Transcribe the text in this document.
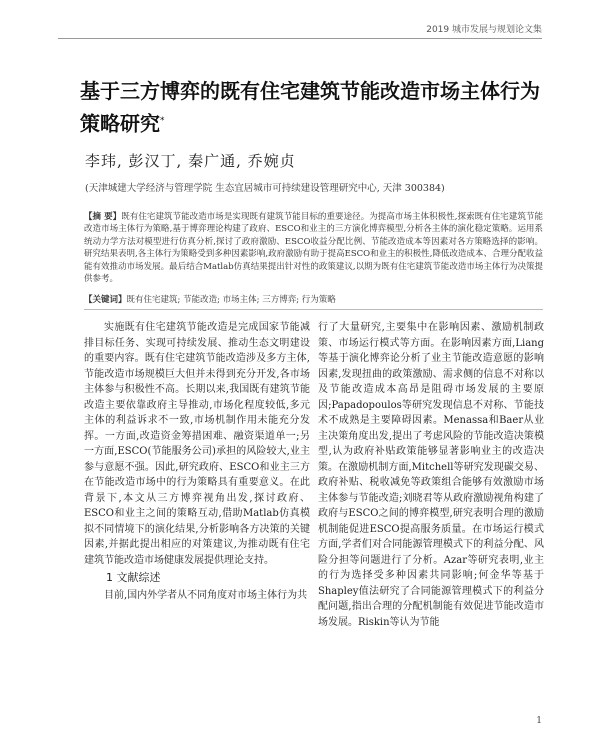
2019 城市发展与规划论文集
基于三方博弈的既有住宅建筑节能改造市场主体行为策略研究*
李玮, 彭汉丁, 秦广通, 乔婉贞
(天津城建大学经济与管理学院 生态宜居城市可持续建设管理研究中心, 天津 300384)
【摘 要】既有住宅建筑节能改造市场是实现既有建筑节能目标的重要途径。为提高市场主体积极性,探索既有住宅建筑节能改造市场主体行为策略,基于博弈理论构建了政府、ESCO和业主的三方演化博弈模型,分析各主体的演化稳定策略。运用系统动力学方法对模型进行仿真分析,探讨了政府激励、ESCO收益分配比例、节能改造成本等因素对各方策略选择的影响。研究结果表明,各主体行为策略受到多种因素影响,政府激励有助于提高ESCO和业主的积极性,降低改造成本、合理分配收益能有效推动市场发展。最后结合Matlab仿真结果提出针对性的政策建议,以期为既有住宅建筑节能改造市场主体行为决策提供参考。
【关键词】既有住宅建筑; 节能改造; 市场主体; 三方博弈; 行为策略

实施既有住宅建筑节能改造是完成国家节能减排目标任务、实现可持续发展、推动生态文明建设的重要内容。既有住宅建筑节能改造涉及多方主体,节能改造市场规模巨大但并未得到充分开发,各市场主体参与积极性不高。长期以来,我国既有建筑节能改造主要依靠政府主导推动,市场化程度较低,多元主体的利益诉求不一致,市场机制作用未能充分发挥。一方面,改造资金筹措困难、融资渠道单一;另一方面,ESCO(节能服务公司)承担的风险较大,业主参与意愿不强。因此,研究政府、ESCO和业主三方在节能改造市场中的行为策略具有重要意义。在此背景下,本文从三方博弈视角出发,探讨政府、ESCO和业主之间的策略互动,借助Matlab仿真模拟不同情境下的演化结果,分析影响各方决策的关键因素,并据此提出相应的对策建议,为推动既有住宅建筑节能改造市场健康发展提供理论支持。

1 文献综述

目前,国内外学者从不同角度对市场主体行为共

行了大量研究,主要集中在影响因素、激励机制政策、市场运行模式等方面。在影响因素方面,Liang等基于演化博弈论分析了业主节能改造意愿的影响因素,发现扭曲的政策激励、需求侧的信息不对称以及节能改造成本高昂是阻碍市场发展的主要原因;Papadopoulos等研究发现信息不对称、节能技术不成熟是主要障碍因素。Menassa和Baer从业主决策角度出发,提出了考虑风险的节能改造决策模型,认为政府补贴政策能够显著影响业主的改造决策。在激励机制方面,Mitchell等研究发现碳交易、政府补贴、税收减免等政策组合能够有效激励市场主体参与节能改造;刘晓君等从政府激励视角构建了政府与ESCO之间的博弈模型,研究表明合理的激励机制能促进ESCO提高服务质量。在市场运行模式方面,学者们对合同能源管理模式下的利益分配、风险分担等问题进行了分析。Azar等研究表明,业主的行为选择受多种因素共同影响;何金华等基于Shapley值法研究了合同能源管理模式下的利益分配问题,指出合理的分配机制能有效促进节能改造市场发展。Riskin等认为节能

1
